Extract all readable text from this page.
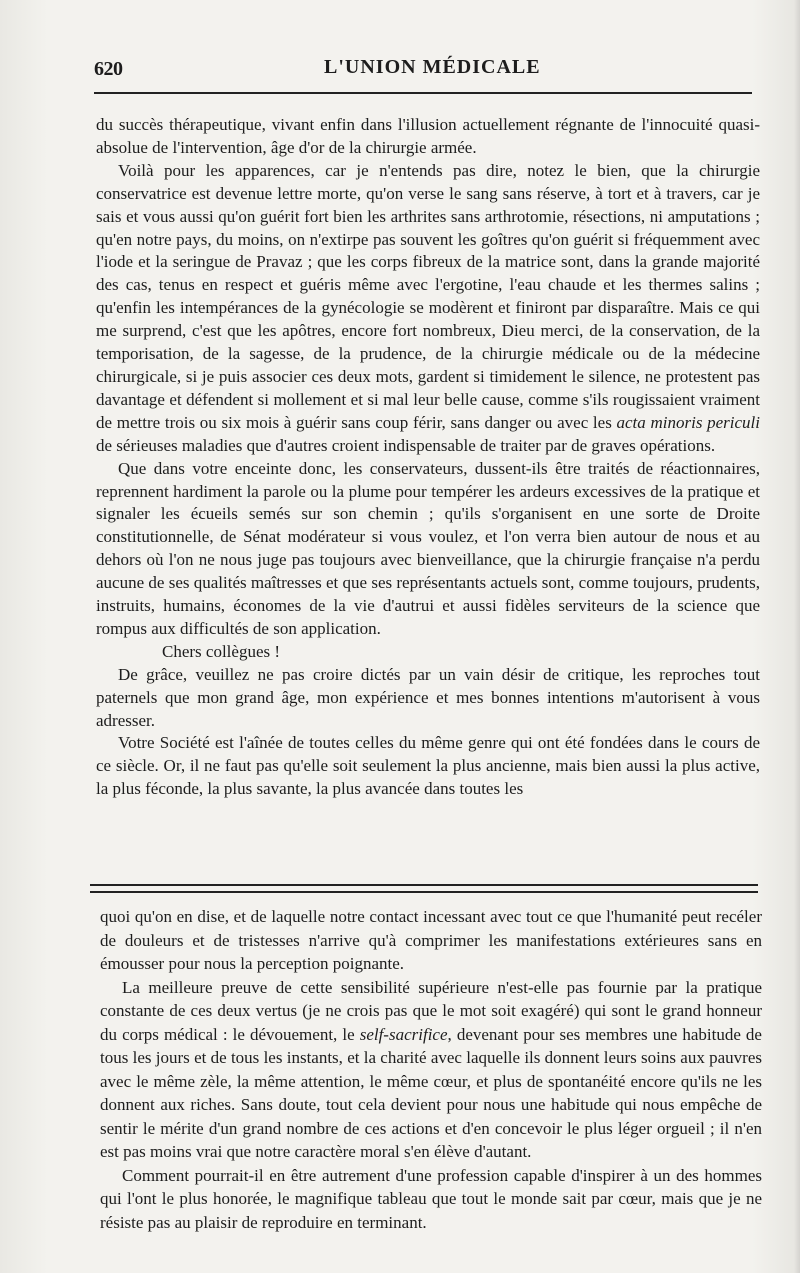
620	L'UNION MÉDICALE

du succès thérapeutique, vivant enfin dans l'illusion actuellement régnante de l'innocuité quasi-absolue de l'intervention, âge d'or de la chirurgie armée.

Voilà pour les apparences, car je n'entends pas dire, notez le bien, que la chirurgie conservatrice est devenue lettre morte, qu'on verse le sang sans réserve, à tort et à travers, car je sais et vous aussi qu'on guérit fort bien les arthrites sans arthrotomie, résections, ni amputations ; qu'en notre pays, du moins, on n'extirpe pas souvent les goîtres qu'on guérit si fréquemment avec l'iode et la seringue de Pravaz ; que les corps fibreux de la matrice sont, dans la grande majorité des cas, tenus en respect et guéris même avec l'ergotine, l'eau chaude et les thermes salins ; qu'enfin les intempérances de la gynécologie se modèrent et finiront par disparaître. Mais ce qui me surprend, c'est que les apôtres, encore fort nombreux, Dieu merci, de la conservation, de la temporisation, de la sagesse, de la prudence, de la chirurgie médicale ou de la médecine chirurgicale, si je puis associer ces deux mots, gardent si timidement le silence, ne protestent pas davantage et défendent si mollement et si mal leur belle cause, comme s'ils rougissaient vraiment de mettre trois ou six mois à guérir sans coup férir, sans danger ou avec les acta minoris periculi de sérieuses maladies que d'autres croient indispensable de traiter par de graves opérations.

Que dans votre enceinte donc, les conservateurs, dussent-ils être traités de réactionnaires, reprennent hardiment la parole ou la plume pour tempérer les ardeurs excessives de la pratique et signaler les écueils semés sur son chemin ; qu'ils s'organisent en une sorte de Droite constitutionnelle, de Sénat modérateur si vous voulez, et l'on verra bien autour de nous et au dehors où l'on ne nous juge pas toujours avec bienveillance, que la chirurgie française n'a perdu aucune de ses qualités maîtresses et que ses représentants actuels sont, comme toujours, prudents, instruits, humains, économes de la vie d'autrui et aussi fidèles serviteurs de la science que rompus aux difficultés de son application.

Chers collègues !

De grâce, veuillez ne pas croire dictés par un vain désir de critique, les reproches tout paternels que mon grand âge, mon expérience et mes bonnes intentions m'autorisent à vous adresser.

Votre Société est l'aînée de toutes celles du même genre qui ont été fondées dans le cours de ce siècle. Or, il ne faut pas qu'elle soit seulement la plus ancienne, mais bien aussi la plus active, la plus féconde, la plus savante, la plus avancée dans toutes les

quoi qu'on en dise, et de laquelle notre contact incessant avec tout ce que l'humanité peut recéler de douleurs et de tristesses n'arrive qu'à comprimer les manifestations extérieures sans en émousser pour nous la perception poignante.

La meilleure preuve de cette sensibilité supérieure n'est-elle pas fournie par la pratique constante de ces deux vertus (je ne crois pas que le mot soit exagéré) qui sont le grand honneur du corps médical : le dévouement, le self-sacrifice, devenant pour ses membres une habitude de tous les jours et de tous les instants, et la charité avec laquelle ils donnent leurs soins aux pauvres avec le même zèle, la même attention, le même cœur, et plus de spontanéité encore qu'ils ne les donnent aux riches. Sans doute, tout cela devient pour nous une habitude qui nous empêche de sentir le mérite d'un grand nombre de ces actions et d'en concevoir le plus léger orgueil ; il n'en est pas moins vrai que notre caractère moral s'en élève d'autant.

Comment pourrait-il en être autrement d'une profession capable d'inspirer à un des hommes qui l'ont le plus honorée, le magnifique tableau que tout le monde sait par cœur, mais que je ne résiste pas au plaisir de reproduire en terminant.
